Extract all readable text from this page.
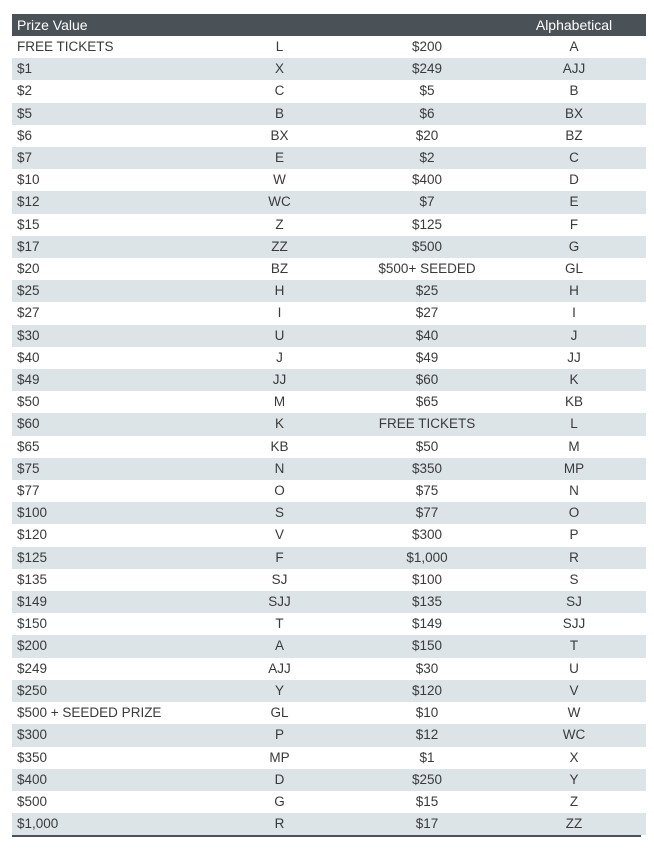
Prize Value			Alphabetical
FREE TICKETS	L	$200	A
$1	X	$249	AJJ
$2	C	$5	B
$5	B	$6	BX
$6	BX	$20	BZ
$7	E	$2	C
$10	W	$400	D
$12	WC	$7	E
$15	Z	$125	F
$17	ZZ	$500	G
$20	BZ	$500+ SEEDED	GL
$25	H	$25	H
$27	I	$27	I
$30	U	$40	J
$40	J	$49	JJ
$49	JJ	$60	K
$50	M	$65	KB
$60	K	FREE TICKETS	L
$65	KB	$50	M
$75	N	$350	MP
$77	O	$75	N
$100	S	$77	O
$120	V	$300	P
$125	F	$1,000	R
$135	SJ	$100	S
$149	SJJ	$135	SJ
$150	T	$149	SJJ
$200	A	$150	T
$249	AJJ	$30	U
$250	Y	$120	V
$500 + SEEDED PRIZE	GL	$10	W
$300	P	$12	WC
$350	MP	$1	X
$400	D	$250	Y
$500	G	$15	Z
$1,000	R	$17	ZZ
